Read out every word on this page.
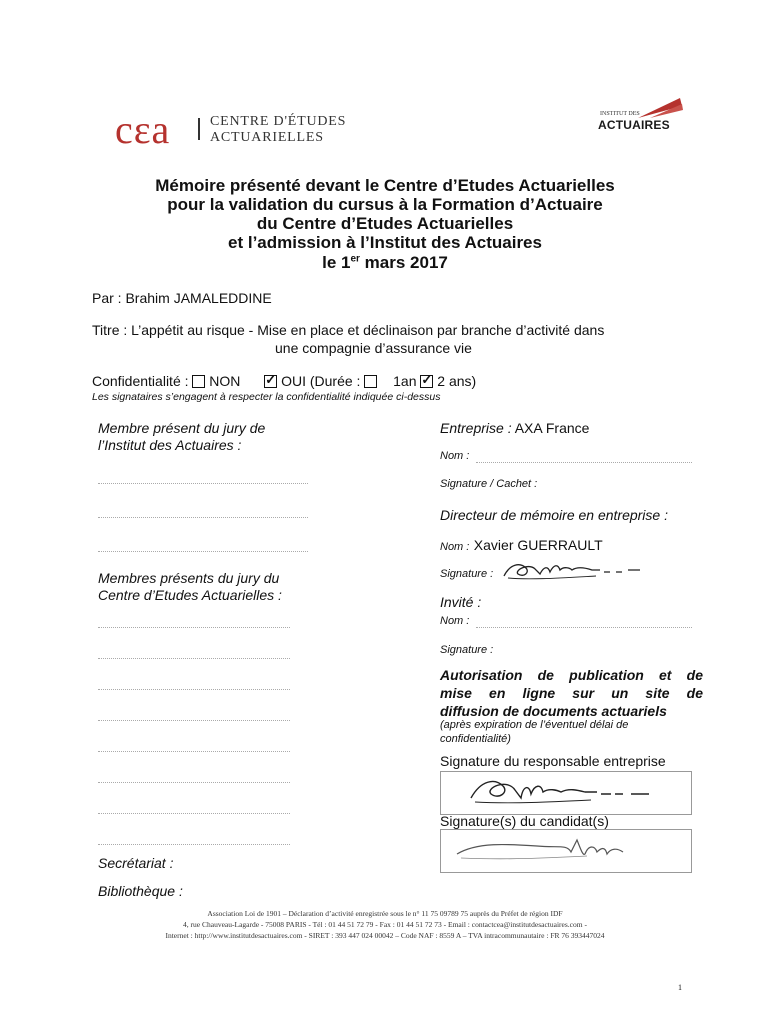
cεa	CENTRE D'ÉTUDES
ACTUARIELLES
INSTITUT DES
ACTUAIRES
Mémoire présenté devant le Centre d’Etudes Actuarielles
pour la validation du cursus à la Formation d’Actuaire
du Centre d’Etudes Actuarielles
et l’admission à l’Institut des Actuaires
le 1er mars 2017
Par : Brahim JAMALEDDINE
Titre : L’appétit au risque - Mise en place et déclinaison par branche d’activité dans
une compagnie d’assurance vie
Confidentialité : NON ✓	OUI (Durée : 1an ✓ 2 ans)
Les signataires s’engagent à respecter la confidentialité indiquée ci-dessus
Membre présent du jury de
l’Institut des Actuaires :
Membres présents du jury du
Centre d’Etudes Actuarielles :
Secrétariat :
Bibliothèque :
Entreprise : AXA France
Nom :
Signature / Cachet :
Directeur de mémoire en entreprise :
Nom : Xavier GUERRAULT
Signature :
Invité :
Nom :
Signature :
Autorisation de publication et de
mise en ligne sur un site de
diffusion de documents actuariels
(après expiration de l’éventuel délai de
confidentialité)
Signature du responsable entreprise
Signature(s) du candidat(s)
Association Loi de 1901 – Déclaration d’activité enregistrée sous le n° 11 75 09789 75 auprès du Préfet de région IDF
4, rue Chauveau-Lagarde - 75008 PARIS - Tél : 01 44 51 72 79 - Fax : 01 44 51 72 73 - Email : contactcea@institutdesactuaires.com -
Internet : http://www.institutdesactuaires.com - SIRET : 393 447 024 00042 – Code NAF : 8559 A – TVA intracommunautaire : FR 76 393447024
1
